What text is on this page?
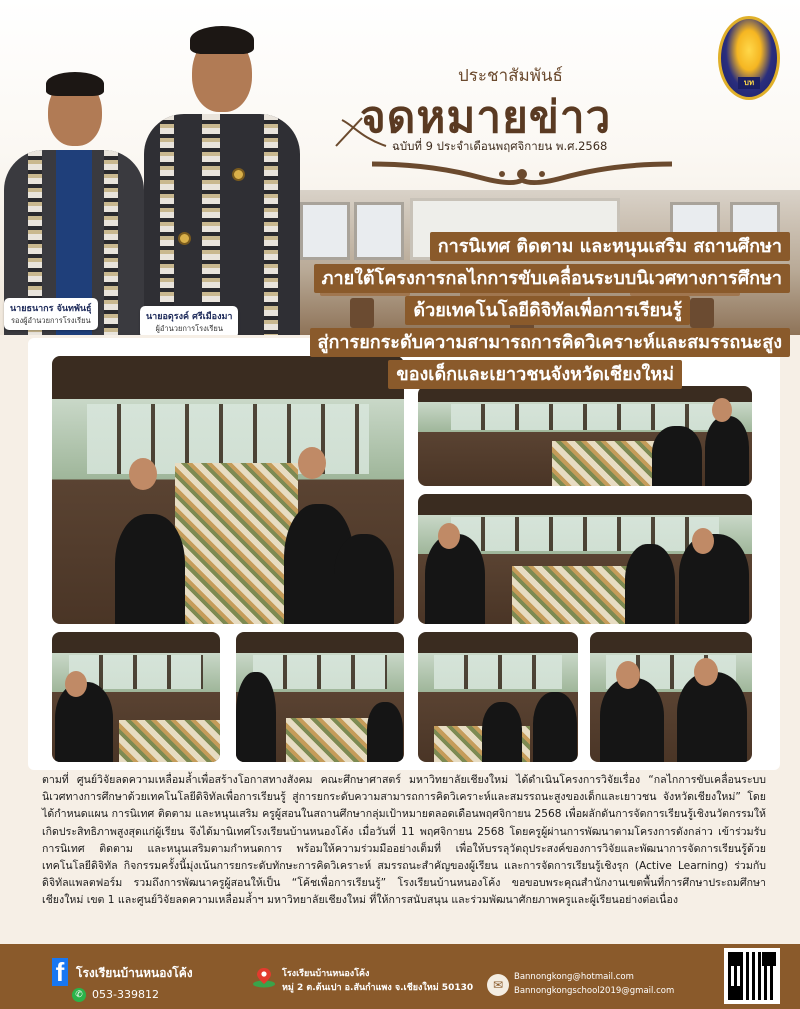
นายธนากร จันทพันธุ์
รองผู้อำนวยการโรงเรียน	นายอดุรงค์ ศรีเมืองมา
ผู้อำนวยการโรงเรียน
บท
ประชาสัมพันธ์
จดหมายข่าว
ฉบับที่ 9 ประจำเดือนพฤศจิกายน พ.ศ.2568
การนิเทศ ติดตาม และหนุนเสริม สถานศึกษา
ภายใต้โครงการกลไกการขับเคลื่อนระบบนิเวศทางการศึกษา
ด้วยเทคโนโลยีดิจิทัลเพื่อการเรียนรู้
สู่การยกระดับความสามารถการคิดวิเคราะห์และสมรรถนะสูง
ของเด็กและเยาวชนจังหวัดเชียงใหม่
ตามที่ ศูนย์วิจัยลดความเหลื่อมล้ำเพื่อสร้างโอกาสทางสังคม คณะศึกษาศาสตร์ มหาวิทยาลัยเชียงใหม่ ได้ดำเนินโครงการวิจัยเรื่อง “กลไกการขับเคลื่อนระบบนิเวศทางการศึกษาด้วยเทคโนโลยีดิจิทัลเพื่อการเรียนรู้ สู่การยกระดับความสามารถการคิดวิเคราะห์และสมรรถนะสูงของเด็กและเยาวชน จังหวัดเชียงใหม่” โดยได้กำหนดแผน การนิเทศ ติดตาม และหนุนเสริม ครูผู้สอนในสถานศึกษากลุ่มเป้าหมายตลอดเดือนพฤศจิกายน 2568 เพื่อผลักดันการจัดการเรียนรู้เชิงนวัตกรรมให้เกิดประสิทธิภาพสูงสุดแก่ผู้เรียน จึงได้มานิเทศโรงเรียนบ้านหนองโค้ง เมื่อวันที่ 11 พฤศจิกายน 2568 โดยครูผู้ผ่านการพัฒนาตามโครงการดังกล่าว เข้าร่วมรับการนิเทศ ติดตาม และหนุนเสริมตามกำหนดการ พร้อมให้ความร่วมมืออย่างเต็มที่ เพื่อให้บรรลุวัตถุประสงค์ของการวิจัยและพัฒนาการจัดการเรียนรู้ด้วยเทคโนโลยีดิจิทัล กิจกรรมครั้งนี้มุ่งเน้นการยกระดับทักษะการคิดวิเคราะห์ สมรรถนะสำคัญของผู้เรียน และการจัดการเรียนรู้เชิงรุก (Active Learning) ร่วมกับดิจิทัลแพลตฟอร์ม รวมถึงการพัฒนาครูผู้สอนให้เป็น “โค้ชเพื่อการเรียนรู้” โรงเรียนบ้านหนองโค้ง ขอขอบพระคุณสำนักงานเขตพื้นที่การศึกษาประถมศึกษาเชียงใหม่ เขต 1 และศูนย์วิจัยลดความเหลื่อมล้ำฯ มหาวิทยาลัยเชียงใหม่ ที่ให้การสนับสนุน และร่วมพัฒนาศักยภาพครูและผู้เรียนอย่างต่อเนื่อง
f โรงเรียนบ้านหนองโค้ง
✆ 053-339812
โรงเรียนบ้านหนองโค้ง
หมู่ 2 ต.ต้นเปา อ.สันกำแพง จ.เชียงใหม่ 50130	✉
Bannongkong@hotmail.com
Bannongkongschool2019@gmail.com
